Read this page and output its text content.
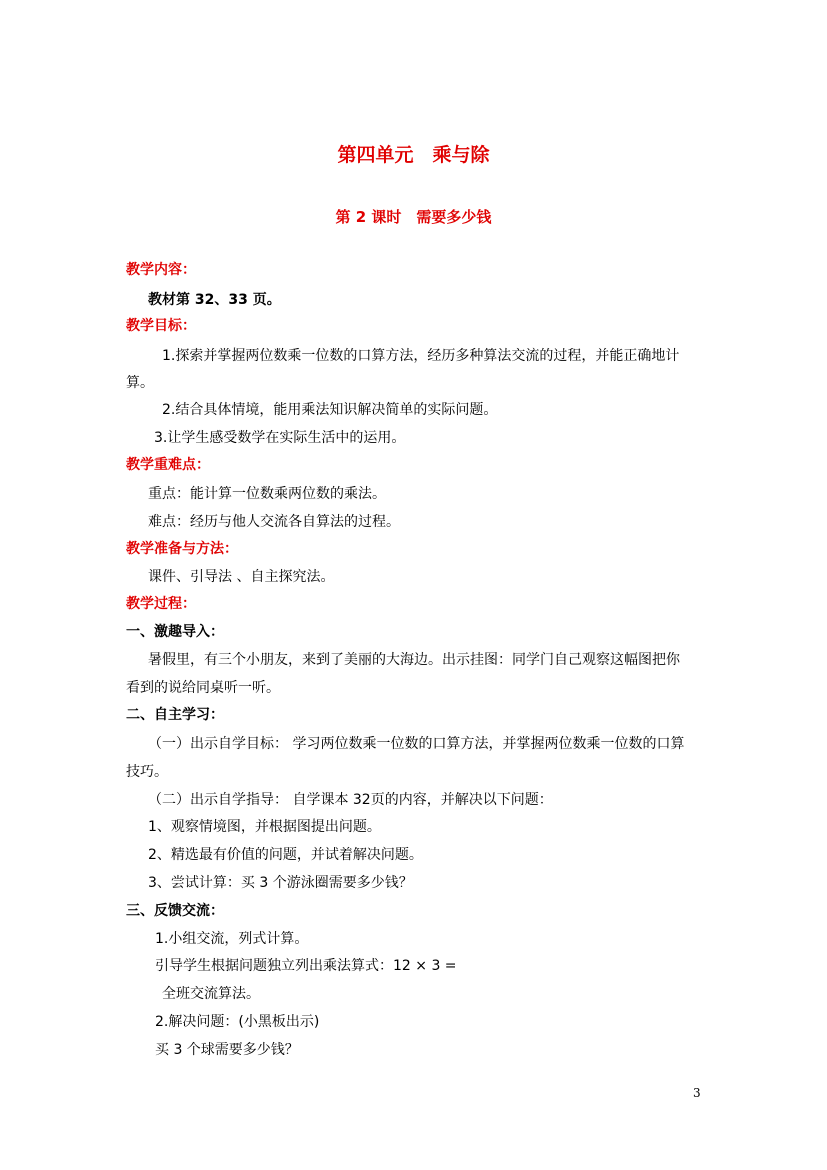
第四单元　乘与除
第 2 课时　需要多少钱
教学内容：
教材第 32、33 页。
教学目标：
1.探索并掌握两位数乘一位数的口算方法，经历多种算法交流的过程，并能正确地计
算。
2.结合具体情境，能用乘法知识解决简单的实际问题。
3.让学生感受数学在实际生活中的运用。
教学重难点：
重点：能计算一位数乘两位数的乘法。
难点：经历与他人交流各自算法的过程。
教学准备与方法：
课件、引导法 、自主探究法。
教学过程：
一、激趣导入：
暑假里，有三个小朋友，来到了美丽的大海边。出示挂图：同学门自己观察这幅图把你
看到的说给同桌听一听。
二、自主学习：
（一）出示自学目标： 学习两位数乘一位数的口算方法，并掌握两位数乘一位数的口算
技巧。
（二）出示自学指导： 自学课本 32页的内容，并解决以下问题：
1、观察情境图，并根据图提出问题。
2、精选最有价值的问题，并试着解决问题。
3、尝试计算：买 3 个游泳圈需要多少钱？
三、反馈交流：
1.小组交流，列式计算。
引导学生根据问题独立列出乘法算式：12 × 3 =
全班交流算法。
2.解决问题：(小黑板出示)
买 3 个球需要多少钱？
3
